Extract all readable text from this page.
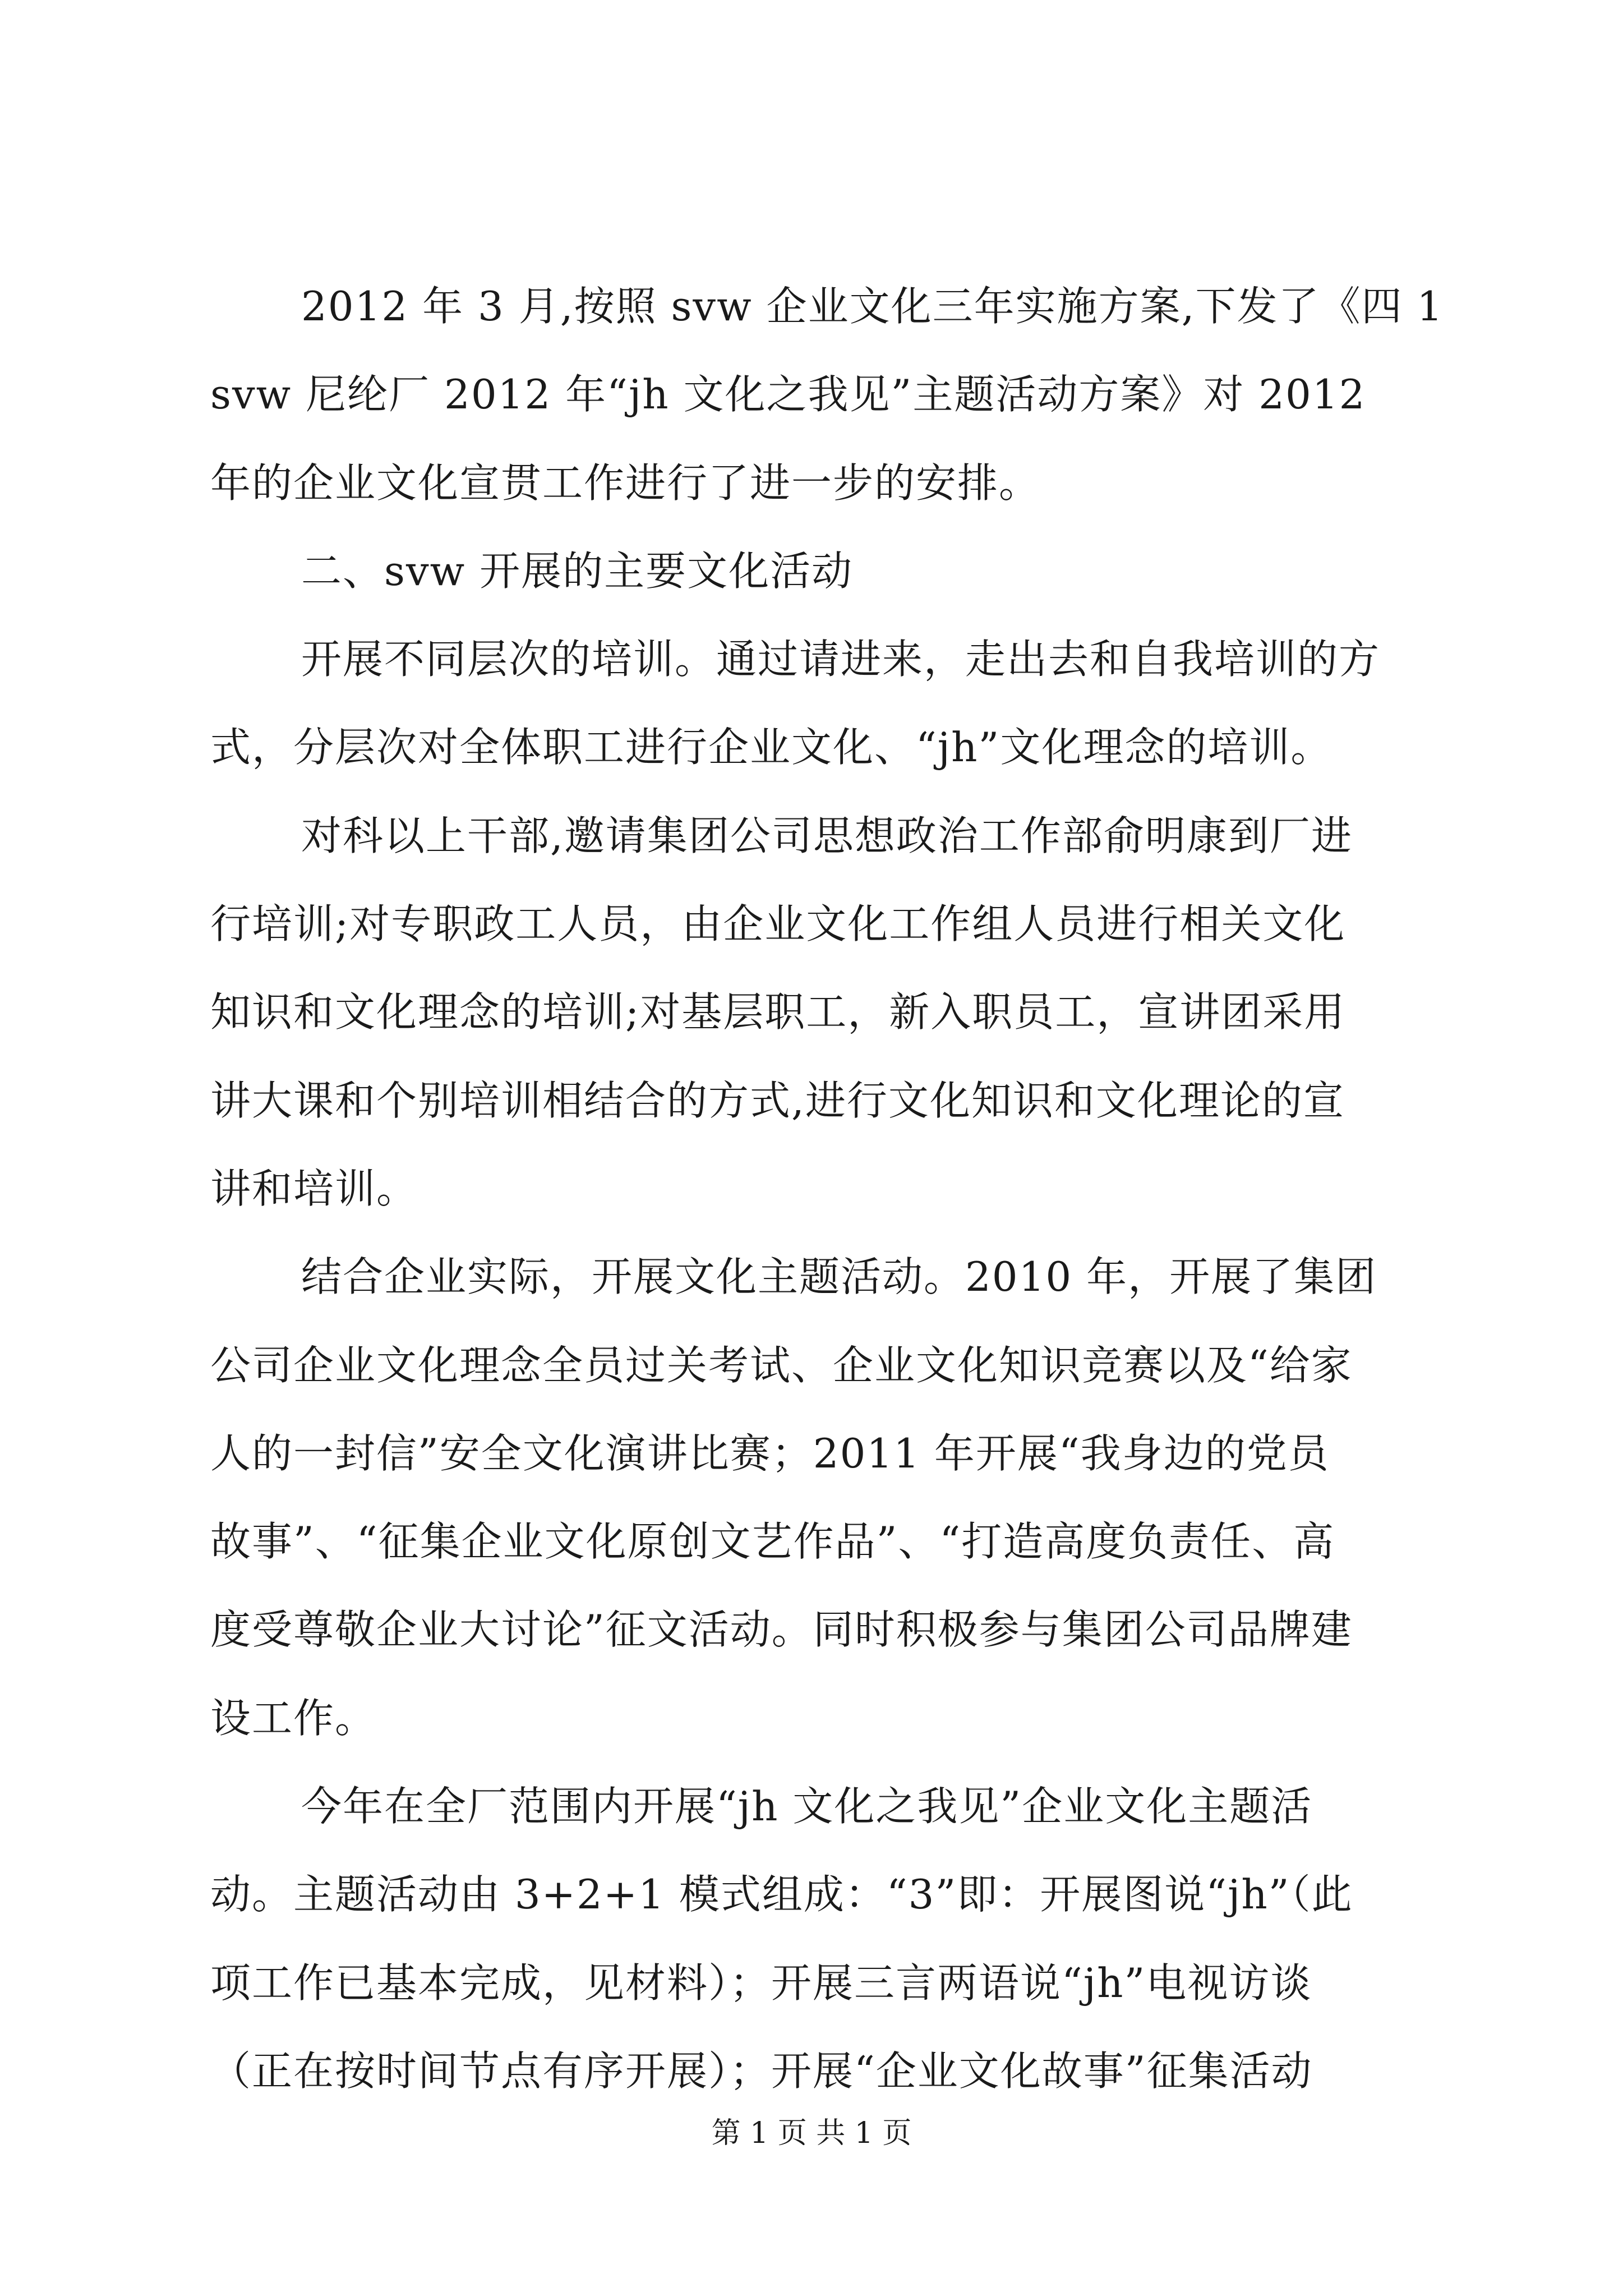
2012 年 3 月,按照 svw 企业文化三年实施方案,下发了《四 1
svw 尼纶厂 2012 年“jh 文化之我见”主题活动方案》对 2012
年的企业文化宣贯工作进行了进一步的安排。
二、svw 开展的主要文化活动
开展不同层次的培训。通过请进来，走出去和自我培训的方
式，分层次对全体职工进行企业文化、“jh”文化理念的培训。
对科以上干部,邀请集团公司思想政治工作部俞明康到厂进
行培训;对专职政工人员，由企业文化工作组人员进行相关文化
知识和文化理念的培训;对基层职工，新入职员工，宣讲团采用
讲大课和个别培训相结合的方式,进行文化知识和文化理论的宣
讲和培训。
结合企业实际，开展文化主题活动。2010 年，开展了集团
公司企业文化理念全员过关考试、企业文化知识竞赛以及“给家
人的一封信”安全文化演讲比赛；2011 年开展“我身边的党员
故事”、“征集企业文化原创文艺作品”、“打造高度负责任、高
度受尊敬企业大讨论”征文活动。同时积极参与集团公司品牌建
设工作。
今年在全厂范围内开展“jh 文化之我见”企业文化主题活
动。主题活动由 3+2+1 模式组成：“3”即：开展图说“jh”（此
项工作已基本完成，见材料）；开展三言两语说“jh”电视访谈
（正在按时间节点有序开展）；开展“企业文化故事”征集活动
第 1 页 共 1 页
